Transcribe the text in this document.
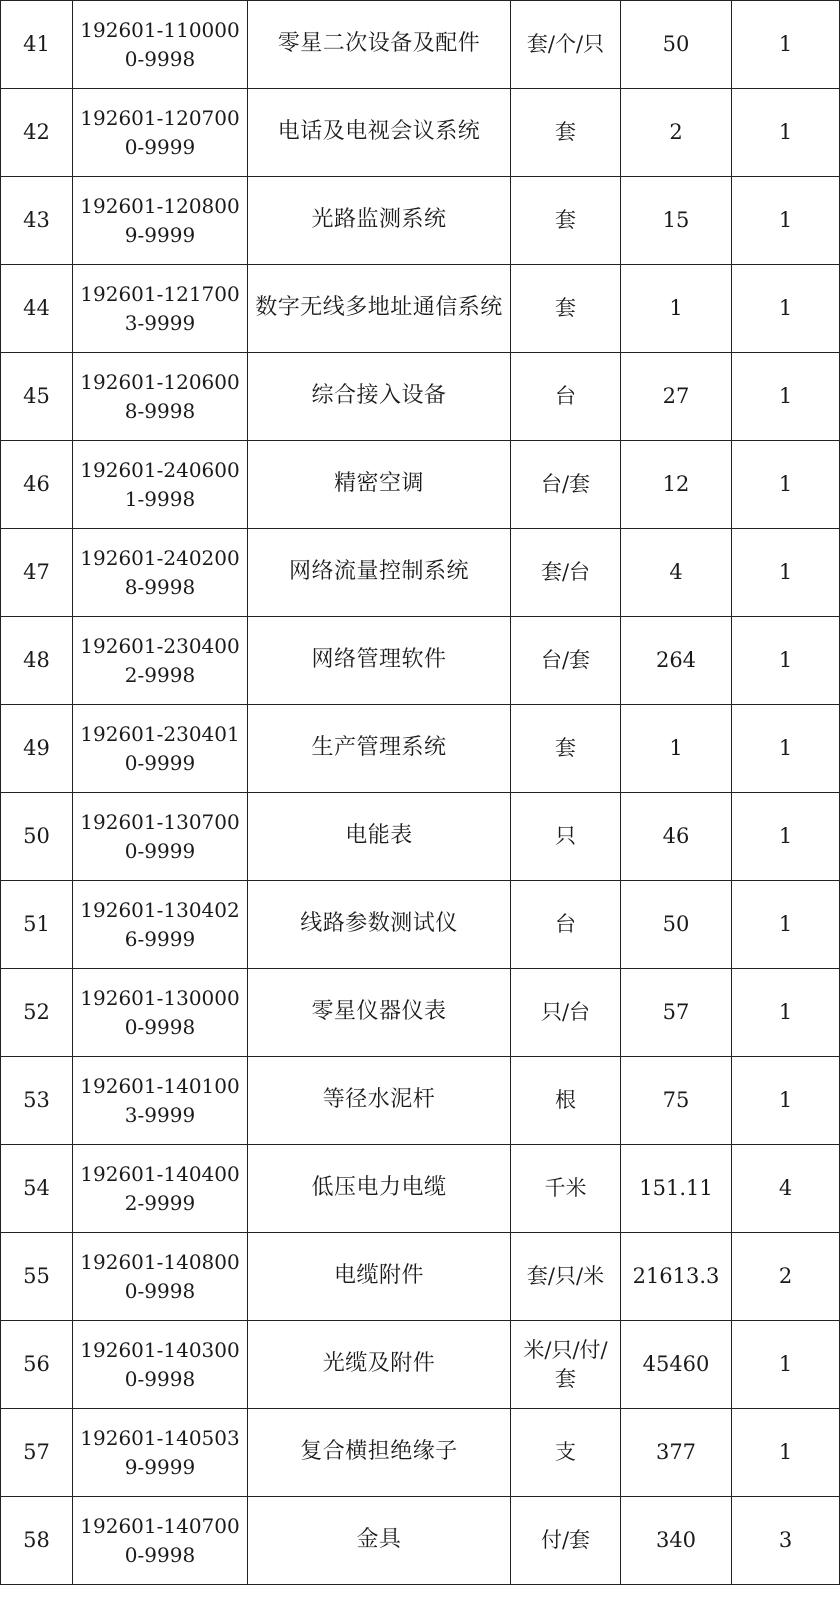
41	192601-1100000-9998	零星二次设备及配件	套/个/只	50	1
42	192601-1207000-9999	电话及电视会议系统	套	2	1
43	192601-1208009-9999	光路监测系统	套	15	1
44	192601-1217003-9999	数字无线多地址通信系统	套	1	1
45	192601-1206008-9998	综合接入设备	台	27	1
46	192601-2406001-9998	精密空调	台/套	12	1
47	192601-2402008-9998	网络流量控制系统	套/台	4	1
48	192601-2304002-9998	网络管理软件	台/套	264	1
49	192601-2304010-9999	生产管理系统	套	1	1
50	192601-1307000-9999	电能表	只	46	1
51	192601-1304026-9999	线路参数测试仪	台	50	1
52	192601-1300000-9998	零星仪器仪表	只/台	57	1
53	192601-1401003-9999	等径水泥杆	根	75	1
54	192601-1404002-9999	低压电力电缆	千米	151.11	4
55	192601-1408000-9998	电缆附件	套/只/米	21613.3	2
56	192601-1403000-9998	光缆及附件	米/只/付/套	45460	1
57	192601-1405039-9999	复合横担绝缘子	支	377	1
58	192601-1407000-9998	金具	付/套	340	3
